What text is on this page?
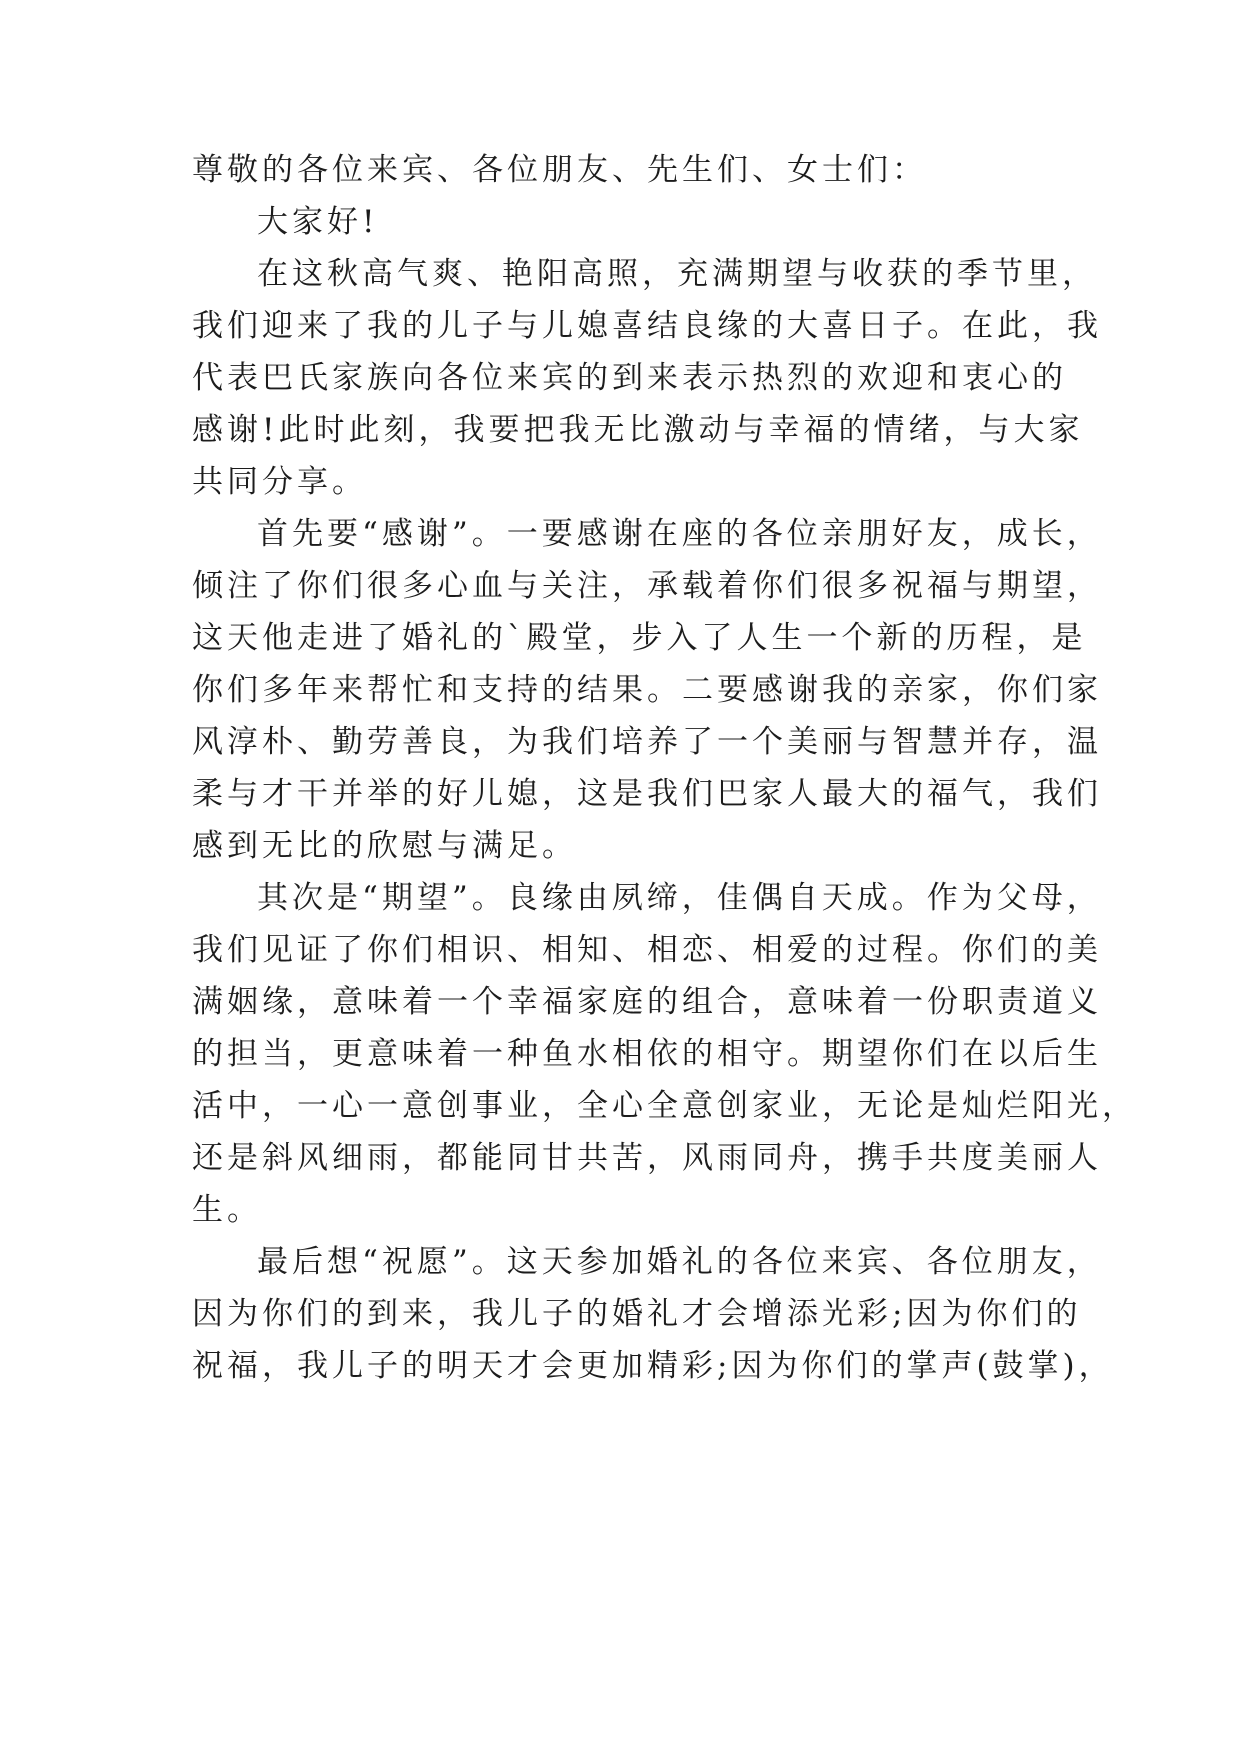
尊敬的各位来宾、各位朋友、先生们、女士们：
大家好!
在这秋高气爽、艳阳高照，充满期望与收获的季节里，
我们迎来了我的儿子与儿媳喜结良缘的大喜日子。在此，我
代表巴氏家族向各位来宾的到来表示热烈的欢迎和衷心的
感谢!此时此刻，我要把我无比激动与幸福的情绪，与大家
共同分享。
首先要“感谢”。一要感谢在座的各位亲朋好友，成长，
倾注了你们很多心血与关注，承载着你们很多祝福与期望，
这天他走进了婚礼的`殿堂，步入了人生一个新的历程，是
你们多年来帮忙和支持的结果。二要感谢我的亲家，你们家
风淳朴、勤劳善良，为我们培养了一个美丽与智慧并存，温
柔与才干并举的好儿媳，这是我们巴家人最大的福气，我们
感到无比的欣慰与满足。
其次是“期望”。良缘由夙缔，佳偶自天成。作为父母，
我们见证了你们相识、相知、相恋、相爱的过程。你们的美
满姻缘，意味着一个幸福家庭的组合，意味着一份职责道义
的担当，更意味着一种鱼水相依的相守。期望你们在以后生
活中，一心一意创事业，全心全意创家业，无论是灿烂阳光，
还是斜风细雨，都能同甘共苦，风雨同舟，携手共度美丽人
生。
最后想“祝愿”。这天参加婚礼的各位来宾、各位朋友，
因为你们的到来，我儿子的婚礼才会增添光彩;因为你们的
祝福，我儿子的明天才会更加精彩;因为你们的掌声(鼓掌)，
